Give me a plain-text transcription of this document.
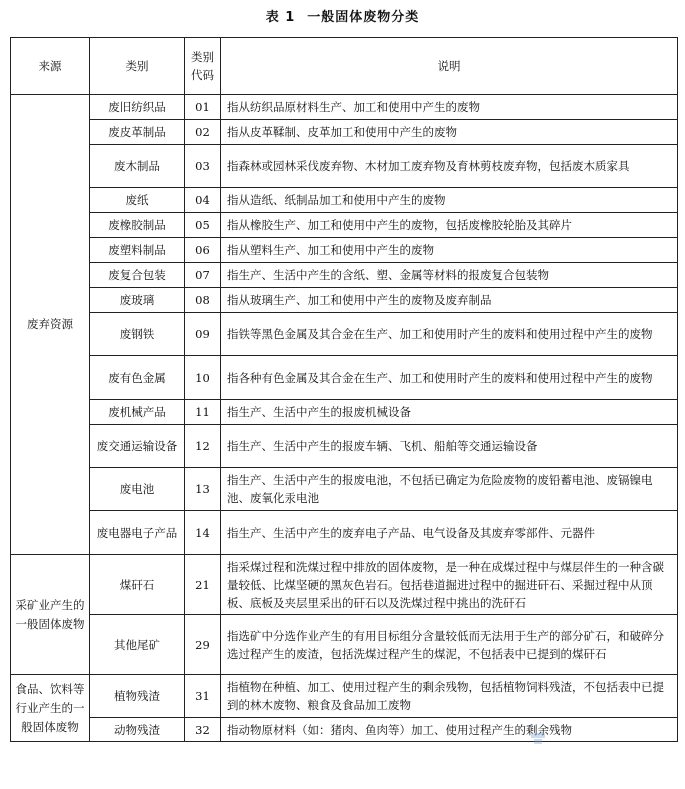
表 1 一般固体废物分类
来源	类别	类别代码	说明
废弃资源	废旧纺织品	01	指从纺织品原材料生产、加工和使用中产生的废物
	废皮革制品	02	指从皮革鞣制、皮革加工和使用中产生的废物
	废木制品	03	指森林或园林采伐废弃物、木材加工废弃物及育林剪枝废弃物，包括废木质家具
	废纸	04	指从造纸、纸制品加工和使用中产生的废物
	废橡胶制品	05	指从橡胶生产、加工和使用中产生的废物，包括废橡胶轮胎及其碎片
	废塑料制品	06	指从塑料生产、加工和使用中产生的废物
	废复合包装	07	指生产、生活中产生的含纸、塑、金属等材料的报废复合包装物
	废玻璃	08	指从玻璃生产、加工和使用中产生的废物及废弃制品
	废钢铁	09	指铁等黑色金属及其合金在生产、加工和使用时产生的废料和使用过程中产生的废物
	废有色金属	10	指各种有色金属及其合金在生产、加工和使用时产生的废料和使用过程中产生的废物
	废机械产品	11	指生产、生活中产生的报废机械设备
	废交通运输设备	12	指生产、生活中产生的报废车辆、飞机、船舶等交通运输设备
	废电池	13	指生产、生活中产生的报废电池，不包括已确定为危险废物的废铅蓄电池、废镉镍电池、废氧化汞电池
	废电器电子产品	14	指生产、生活中产生的废弃电子产品、电气设备及其废弃零部件、元器件
采矿业产生的一般固体废物	煤矸石	21	指采煤过程和洗煤过程中排放的固体废物，是一种在成煤过程中与煤层伴生的一种含碳量较低、比煤坚硬的黑灰色岩石。包括巷道掘进过程中的掘进矸石、采掘过程中从顶板、底板及夹层里采出的矸石以及洗煤过程中挑出的洗矸石
	其他尾矿	29	指选矿中分选作业产生的有用目标组分含量较低而无法用于生产的部分矿石，和破碎分选过程产生的废渣，包括洗煤过程产生的煤泥，不包括表中已提到的煤矸石
食品、饮料等行业产生的一般固体废物	植物残渣	31	指植物在种植、加工、使用过程产生的剩余残物，包括植物饲料残渣，不包括表中已提到的林木废物、粮食及食品加工废物
	动物残渣	32	指动物原材料（如：猪肉、鱼肉等）加工、使用过程产生的剩余残物
